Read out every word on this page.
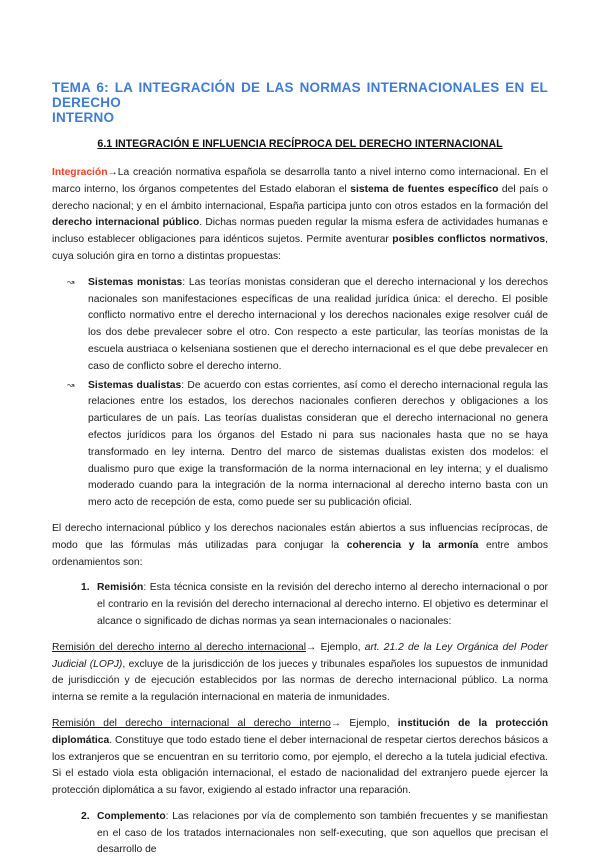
TEMA 6: LA INTEGRACIÓN DE LAS NORMAS INTERNACIONALES EN EL DERECHO
INTERNO
6.1 INTEGRACIÓN E INFLUENCIA RECÍPROCA DEL DERECHO INTERNACIONAL
Integración→La creación normativa española se desarrolla tanto a nivel interno como internacional. En el marco interno, los órganos competentes del Estado elaboran el sistema de fuentes específico del país o derecho nacional; y en el ámbito internacional, España participa junto con otros estados en la formación del derecho internacional público. Dichas normas pueden regular la misma esfera de actividades humanas e incluso establecer obligaciones para idénticos sujetos. Permite aventurar posibles conflictos normativos, cuya solución gira en torno a distintas propuestas:
↝	Sistemas monistas: Las teorías monistas consideran que el derecho internacional y los derechos nacionales son manifestaciones específicas de una realidad jurídica única: el derecho. El posible conflicto normativo entre el derecho internacional y los derechos nacionales exige resolver cuál de los dos debe prevalecer sobre el otro. Con respecto a este particular, las teorías monistas de la escuela austriaca o kelseniana sostienen que el derecho internacional es el que debe prevalecer en caso de conflicto sobre el derecho interno.
↝	Sistemas dualistas: De acuerdo con estas corrientes, así como el derecho internacional regula las relaciones entre los estados, los derechos nacionales confieren derechos y obligaciones a los particulares de un país. Las teorías dualistas consideran que el derecho internacional no genera efectos jurídicos para los órganos del Estado ni para sus nacionales hasta que no se haya transformado en ley interna. Dentro del marco de sistemas dualistas existen dos modelos: el dualismo puro que exige la transformación de la norma internacional en ley interna; y el dualismo moderado cuando para la integración de la norma internacional al derecho interno basta con un mero acto de recepción de esta, como puede ser su publicación oficial.
El derecho internacional público y los derechos nacionales están abiertos a sus influencias recíprocas, de modo que las fórmulas más utilizadas para conjugar la coherencia y la armonía entre ambos ordenamientos son:
1. Remisión: Esta técnica consiste en la revisión del derecho interno al derecho internacional o por el contrario en la revisión del derecho internacional al derecho interno. El objetivo es determinar el alcance o significado de dichas normas ya sean internacionales o nacionales:
Remisión del derecho interno al derecho internacional→ Ejemplo, art. 21.2 de la Ley Orgánica del Poder Judicial (LOPJ), excluye de la jurisdicción de los jueces y tribunales españoles los supuestos de inmunidad de jurisdicción y de ejecución establecidos por las normas de derecho internacional público. La norma interna se remite a la regulación internacional en materia de inmunidades.
Remisión del derecho internacional al derecho interno→ Ejemplo, institución de la protección diplomática. Constituye que todo estado tiene el deber internacional de respetar ciertos derechos básicos a los extranjeros que se encuentran en su territorio como, por ejemplo, el derecho a la tutela judicial efectiva. Si el estado viola esta obligación internacional, el estado de nacionalidad del extranjero puede ejercer la protección diplomática a su favor, exigiendo al estado infractor una reparación.
2. Complemento: Las relaciones por vía de complemento son también frecuentes y se manifiestan en el caso de los tratados internacionales non self-executing, que son aquellos que precisan el desarrollo de
